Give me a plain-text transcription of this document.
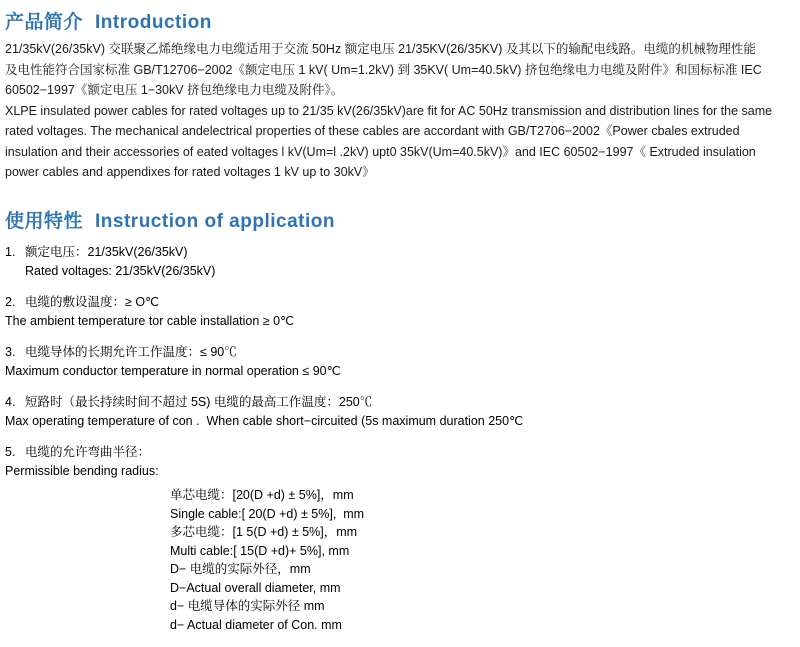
产品简介 Introduction

21/35kV(26/35kV) 交联聚乙烯绝缘电力电缆适用于交流 50Hz 额定电压 21/35KV(26/35KV) 及其以下的输配电线路。电缆的机械物理性能

及电性能符合国家标准 GB/T12706−2002《额定电压 1 kV( Um=1.2kV) 到 35KV( Um=40.5kV) 挤包绝缘电力电缆及附件》和国标标准 IEC

60502−1997《额定电压 1−30kV 挤包绝缘电力电缆及附件》。

XLPE insulated power cables for rated voltages up to 21/35 kV(26/35kV)are fit for AC 50Hz transmission and distribution lines for the same

rated voltages. The mechanical andelectrical properties of these cables are accordant with GB/T2706−2002《Power cbales extruded

insulation and their accessories of eated voltages l kV(Um=l .2kV) upt0 35kV(Um=40.5kV)》and IEC 60502−1997《 Extruded insulation

power cables and appendixes for rated voltages 1 kV up to 30kV》

使用特性 Instruction of application
1. 额定电压：21/35kV(26/35kV)
Rated voltages: 21/35kV(26/35kV)
2. 电缆的敷设温度：≥ O℃
The ambient temperature tor cable installation ≥ 0℃
3. 电缆导体的长期允许工作温度：≤ 90℃
Maximum conductor temperature in normal operation ≤ 90℃
4. 短路时（最长持续时间不超过 5S) 电缆的最高工作温度：250℃
Max operating temperature of con .  When cable short−circuited (5s maximum duration 250℃
5. 电缆的允许弯曲半径：
Permissible bending radius:
单芯电缆：[20(D +d) ± 5%]，mm
Single cable:[ 20(D +d) ± 5%],  mm
多芯电缆：[1 5(D +d) ± 5%]，mm
Multi cable:[ 15(D +d)+ 5%], mm
D− 电缆的实际外径，mm
D−Actual overall diameter, mm
d− 电缆导体的实际外径 mm
d− Actual diameter of Con. mm
